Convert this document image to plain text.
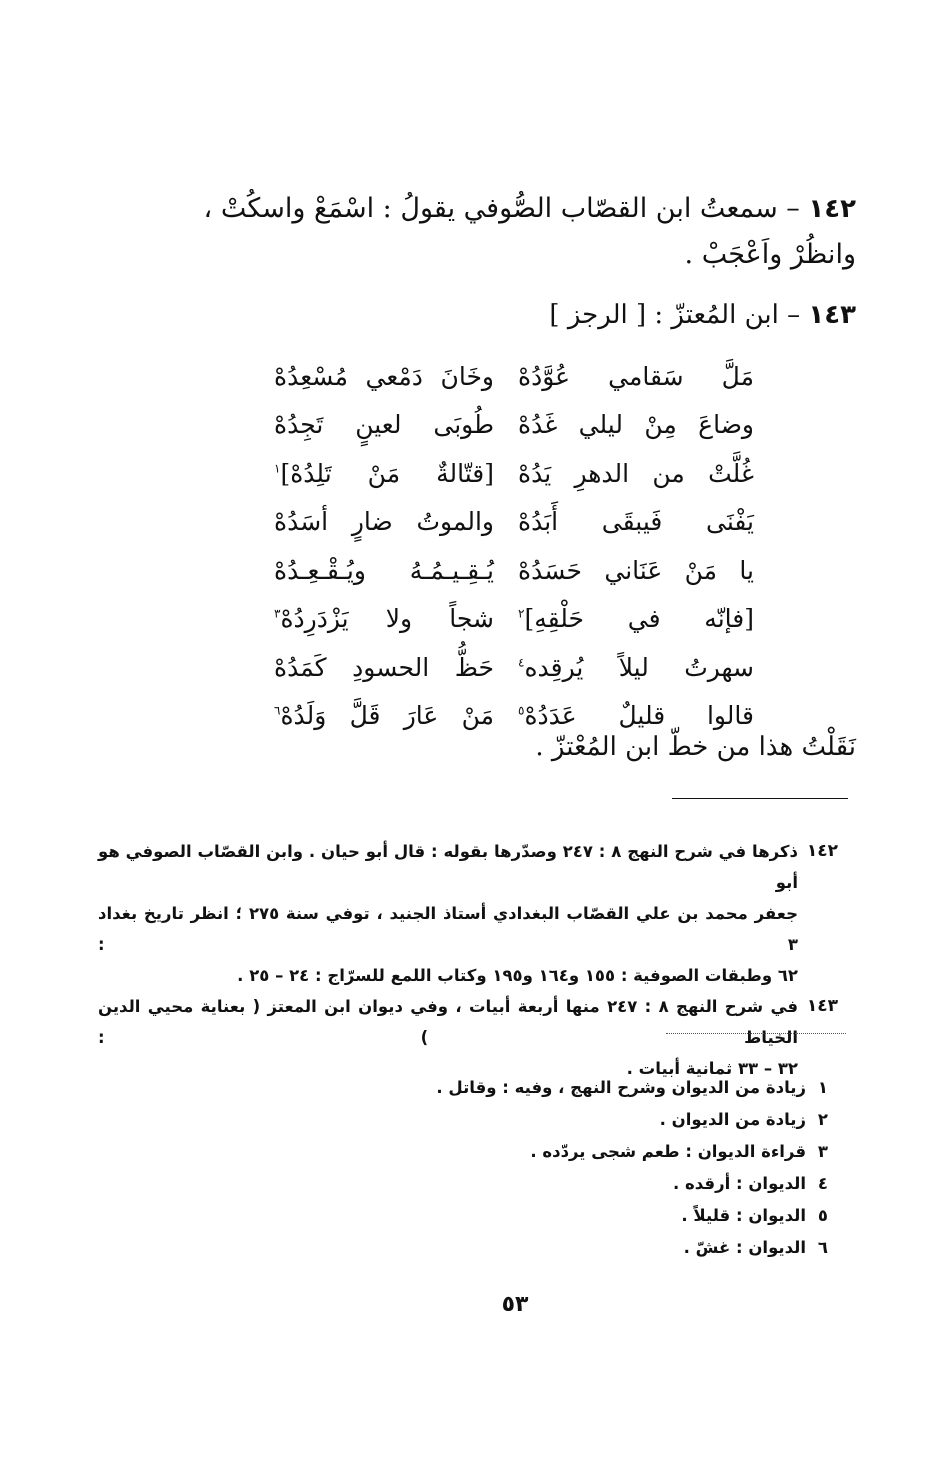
١٤٢ – سمعتُ ابن القصّاب الصُّوفي يقولُ : اسْمَعْ واسكُتْ ، وانظُرْ واَعْجَبْ .
١٤٣ – ابن المُعتزّ : [ الرجز ]
مَلَّ سَقامي عُوَّدُهْ
وخَانَ دَمْعي مُسْعِدُهْ
وضاعَ مِنْ ليلي غَدُهْ
طُوبَى لعينٍ تَجِدُهْ
غُلَّتْ من الدهرِ يَدُهْ
[قتّالةٌ مَنْ تَلِدُهْ]$^١$
يَفْنَى فَيبقَى أَبَدُهْ
والموتُ ضارٍ أسَدُهْ
يا مَنْ عَنَاني حَسَدُهْ
يُـقِـيـمُـهُ ويُـقْـعِـدُهْ
[فإنّه في حَلْقِهِ]$^٢$
شجاً ولا يَزْدَرِدُهْ$^٣$
سهرتُ ليلاً يُرقِده$^٤$
حَظُّ الحسودِ كَمَدُهْ
قالوا قليلٌ عَدَدُهْ$^٥$
مَنْ عَارَ قَلَّ وَلَدُهْ$^٦$
نَقَلْتُ هذا من خطّ ابن المُعْتزّ .
١٤٢
ذكرها في شرح النهج ٨ : ٢٤٧ وصدّرها بقوله : قال أبو حيان . وابن القصّاب الصوفي هو أبو
جعفر محمد بن علي القصّاب البغدادي أستاذ الجنيد ، توفي سنة ٢٧٥ ؛ انظر تاريخ بغداد ٣ :
٦٢ وطبقات الصوفية : ١٥٥ و١٦٤ و١٩٥ وكتاب اللمع للسرّاج : ٢٤ – ٢٥ .
١٤٣
في شرح النهج ٨ : ٢٤٧ منها أربعة أبيات ، وفي ديوان ابن المعتز ( بعناية محيي الدين الخياط ) :
٣٢ – ٣٣ ثمانية أبيات .
١
زيادة من الديوان وشرح النهج ، وفيه : وقاتل .
٢
زيادة من الديوان .
٣
قراءة الديوان : طعم شجى يردّده .
٤
الديوان : أرقده .
٥
الديوان : قليلاً .
٦
الديوان : غشّ .
٥٣
